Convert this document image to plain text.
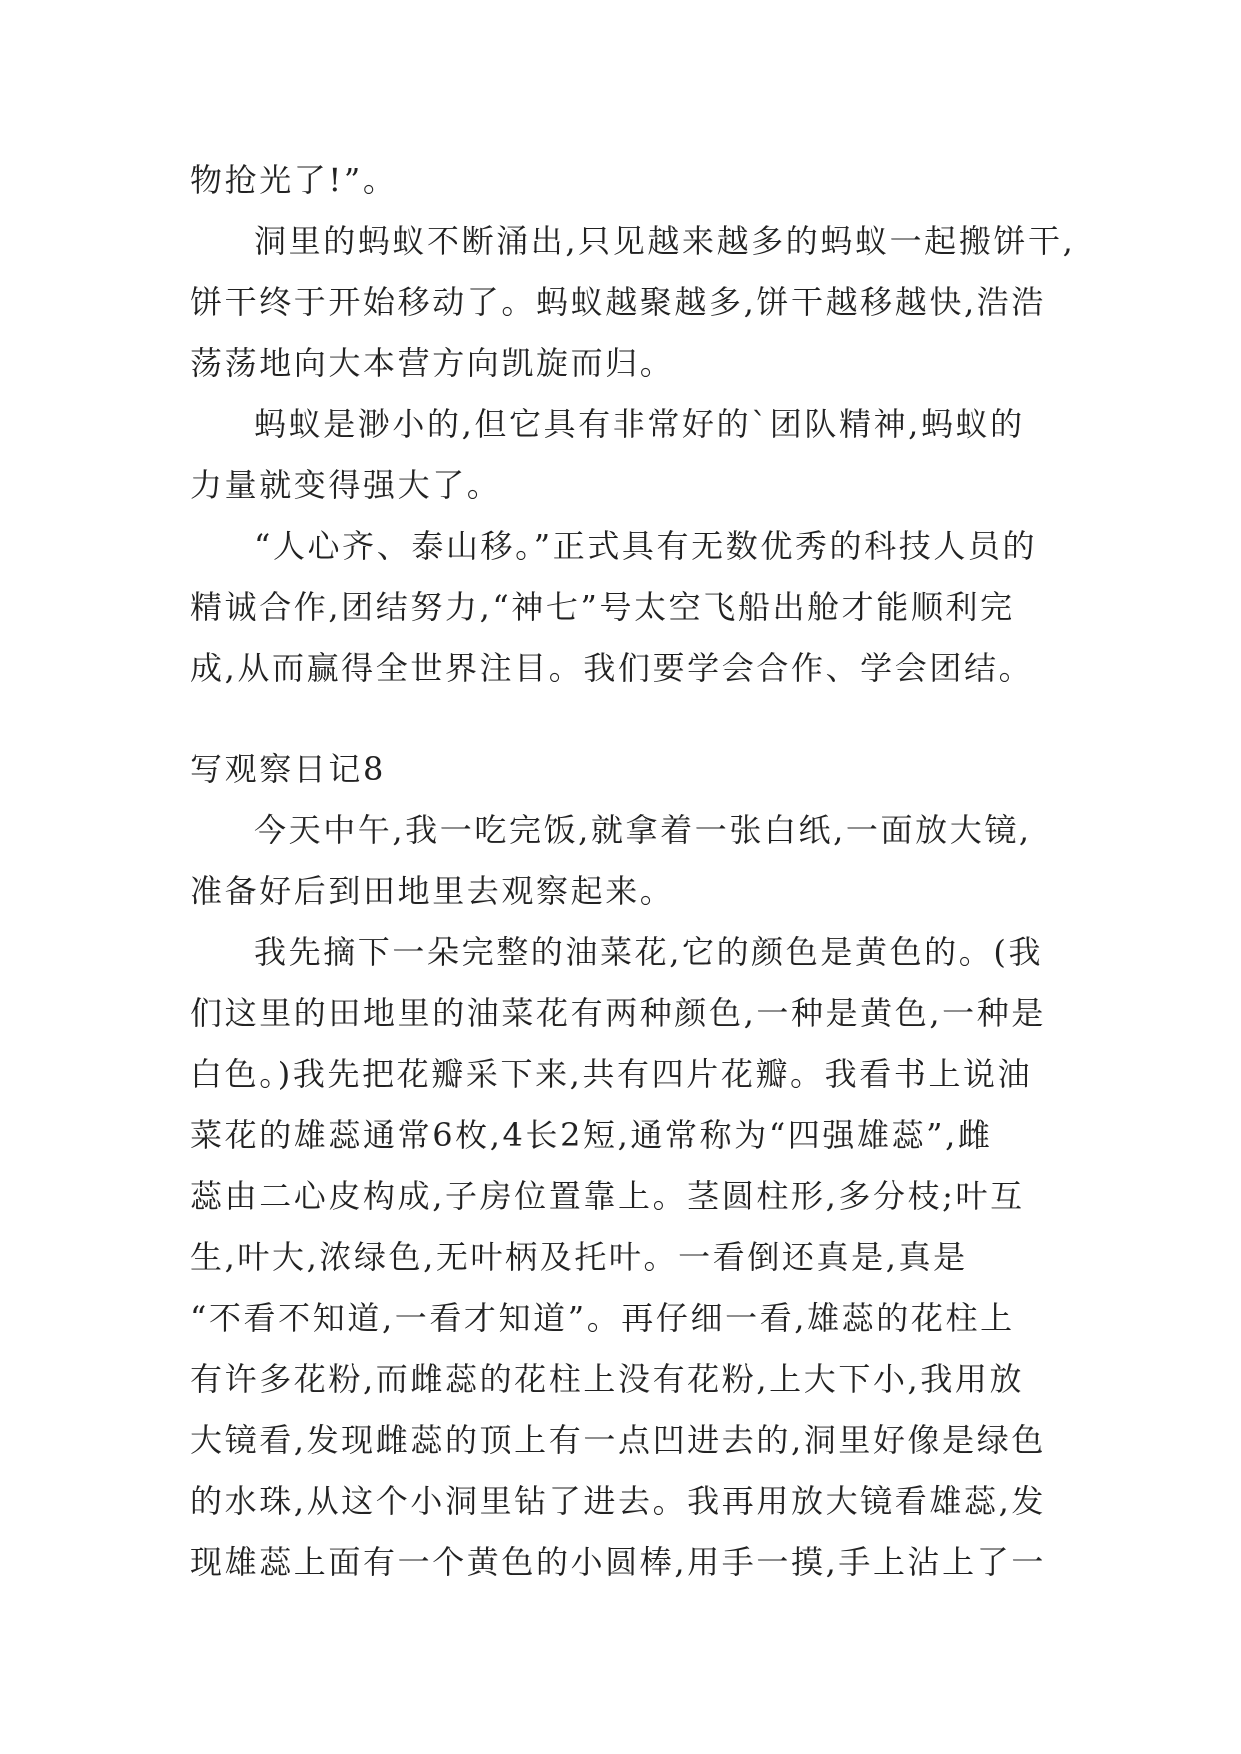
物抢光了!”。
洞里的蚂蚁不断涌出,只见越来越多的蚂蚁一起搬饼干,
饼干终于开始移动了。蚂蚁越聚越多,饼干越移越快,浩浩
荡荡地向大本营方向凯旋而归。
蚂蚁是渺小的,但它具有非常好的`团队精神,蚂蚁的
力量就变得强大了。
“人心齐、泰山移。”正式具有无数优秀的科技人员的
精诚合作,团结努力,“神七”号太空飞船出舱才能顺利完
成,从而赢得全世界注目。我们要学会合作、学会团结。
写观察日记8
今天中午,我一吃完饭,就拿着一张白纸,一面放大镜,
准备好后到田地里去观察起来。
我先摘下一朵完整的油菜花,它的颜色是黄色的。(我
们这里的田地里的油菜花有两种颜色,一种是黄色,一种是
白色。)我先把花瓣采下来,共有四片花瓣。我看书上说油
菜花的雄蕊通常6枚,4长2短,通常称为“四强雄蕊”,雌
蕊由二心皮构成,子房位置靠上。茎圆柱形,多分枝;叶互
生,叶大,浓绿色,无叶柄及托叶。一看倒还真是,真是
“不看不知道,一看才知道”。再仔细一看,雄蕊的花柱上
有许多花粉,而雌蕊的花柱上没有花粉,上大下小,我用放
大镜看,发现雌蕊的顶上有一点凹进去的,洞里好像是绿色
的水珠,从这个小洞里钻了进去。我再用放大镜看雄蕊,发
现雄蕊上面有一个黄色的小圆棒,用手一摸,手上沾上了一
